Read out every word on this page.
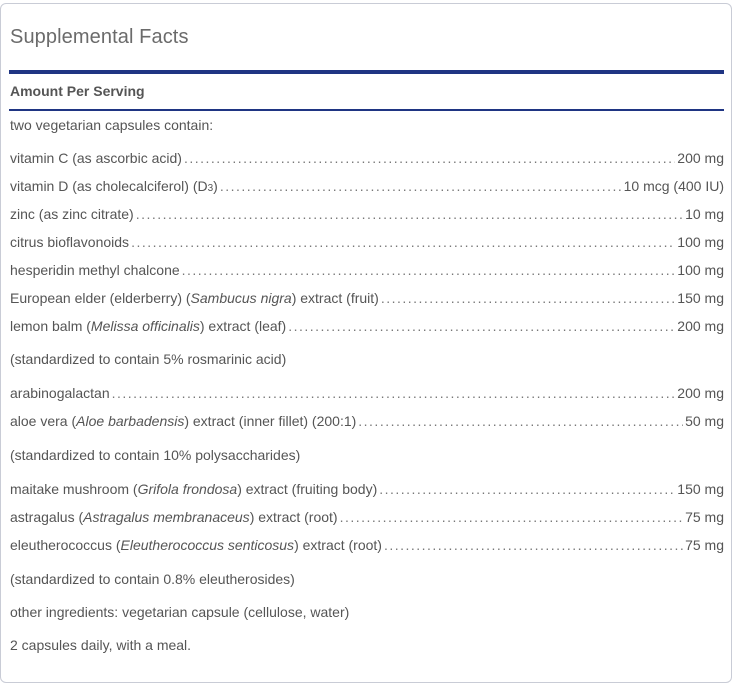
Supplemental Facts
Amount Per Serving
two vegetarian capsules contain:
vitamin C (as ascorbic acid) . . .	200 mg
vitamin D (as cholecalciferol) (D3) . . .	10 mcg (400 IU)
zinc (as zinc citrate) . . .	10 mg
citrus bioflavonoids . . .	100 mg
hesperidin methyl chalcone . . .	100 mg
European elder (elderberry) (Sambucus nigra) extract (fruit) . . .	150 mg
lemon balm (Melissa officinalis) extract (leaf) . . .	200 mg
(standardized to contain 5% rosmarinic acid)
arabinogalactan . . .	200 mg
aloe vera (Aloe barbadensis) extract (inner fillet) (200:1) . . .	50 mg
(standardized to contain 10% polysaccharides)
maitake mushroom (Grifola frondosa) extract (fruiting body) . . .	150 mg
astragalus (Astragalus membranaceus) extract (root) . . .	75 mg
eleutherococcus (Eleutherococcus senticosus) extract (root) . . .	75 mg
(standardized to contain 0.8% eleutherosides)
other ingredients: vegetarian capsule (cellulose, water)
2 capsules daily, with a meal.
